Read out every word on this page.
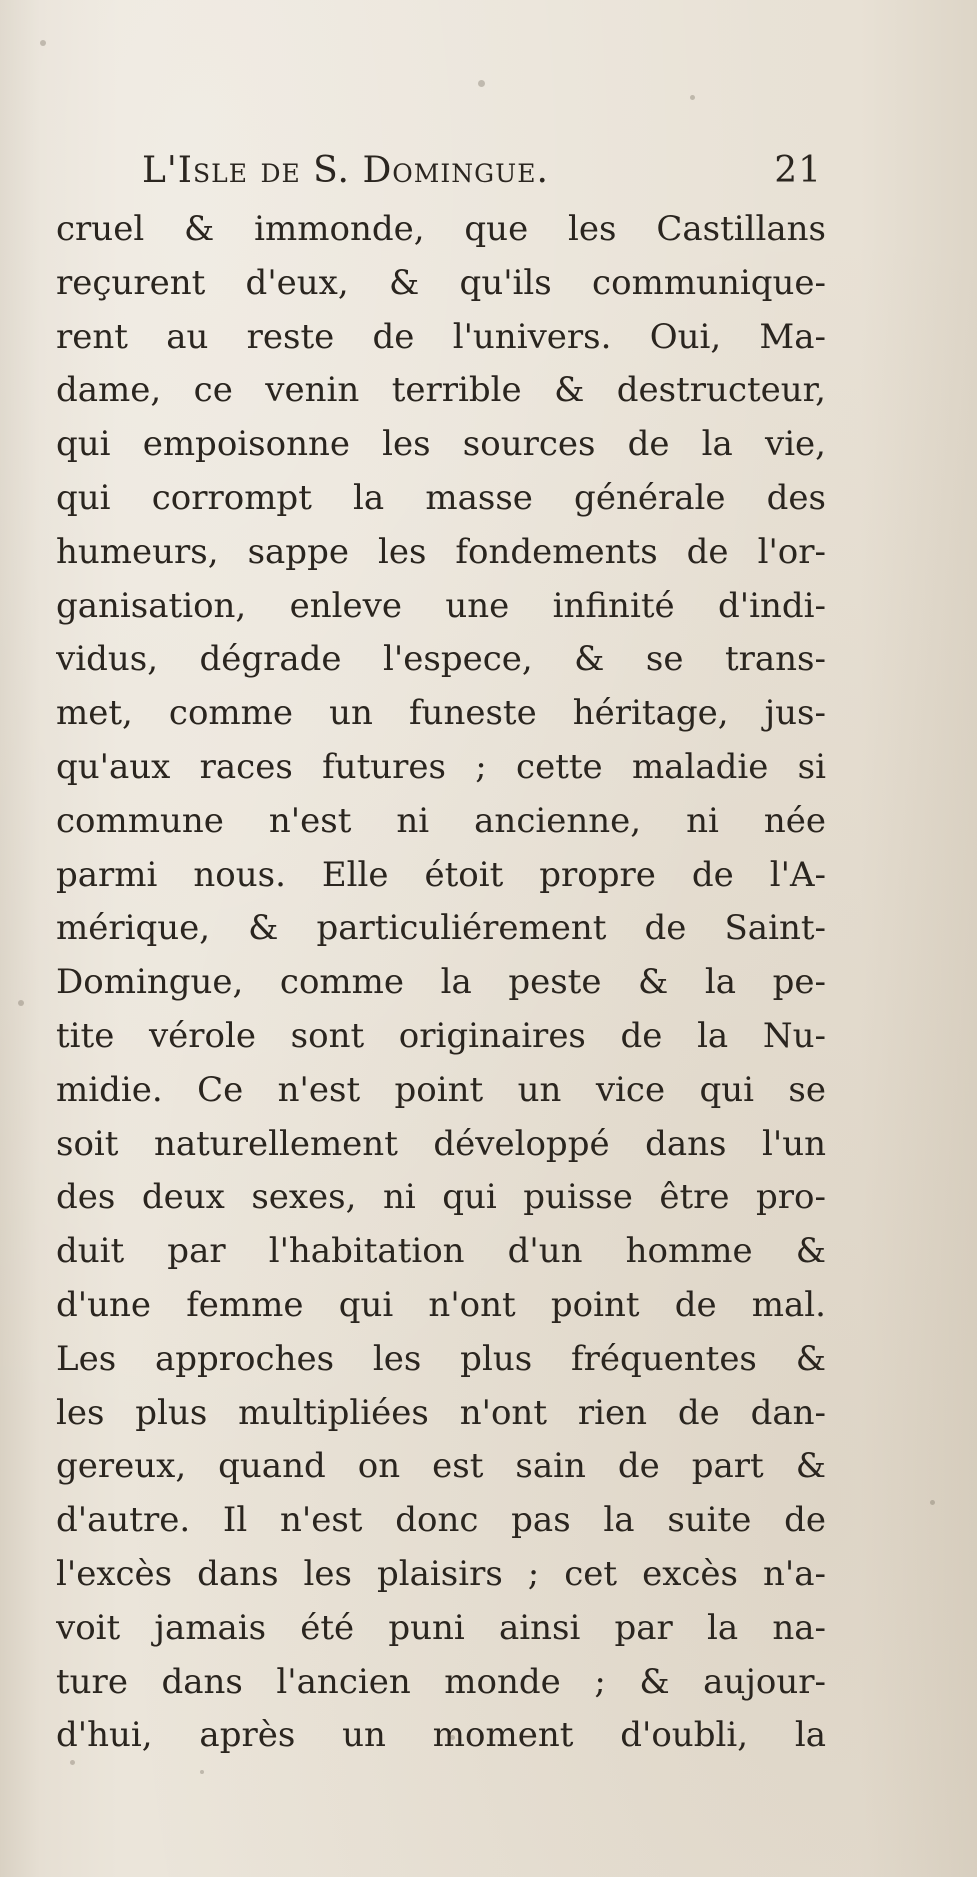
L'Isle de S. Domingue.	21
cruel & immonde, que les Castillans
reçurent d'eux, & qu'ils communique-
rent au reste de l'univers. Oui, Ma-
dame, ce venin terrible & destructeur,
qui empoisonne les sources de la vie,
qui corrompt la masse générale des
humeurs, sappe les fondements de l'or-
ganisation, enleve une infinité d'indi-
vidus, dégrade l'espece, & se trans-
met, comme un funeste héritage, jus-
qu'aux races futures ; cette maladie si
commune n'est ni ancienne, ni née
parmi nous. Elle étoit propre de l'A-
mérique, & particuliérement de Saint-
Domingue, comme la peste & la pe-
tite vérole sont originaires de la Nu-
midie. Ce n'est point un vice qui se
soit naturellement développé dans l'un
des deux sexes, ni qui puisse être pro-
duit par l'habitation d'un homme &
d'une femme qui n'ont point de mal.
Les approches les plus fréquentes &
les plus multipliées n'ont rien de dan-
gereux, quand on est sain de part &
d'autre. Il n'est donc pas la suite de
l'excès dans les plaisirs ; cet excès n'a-
voit jamais été puni ainsi par la na-
ture dans l'ancien monde ; & aujour-
d'hui, après un moment d'oubli, la
